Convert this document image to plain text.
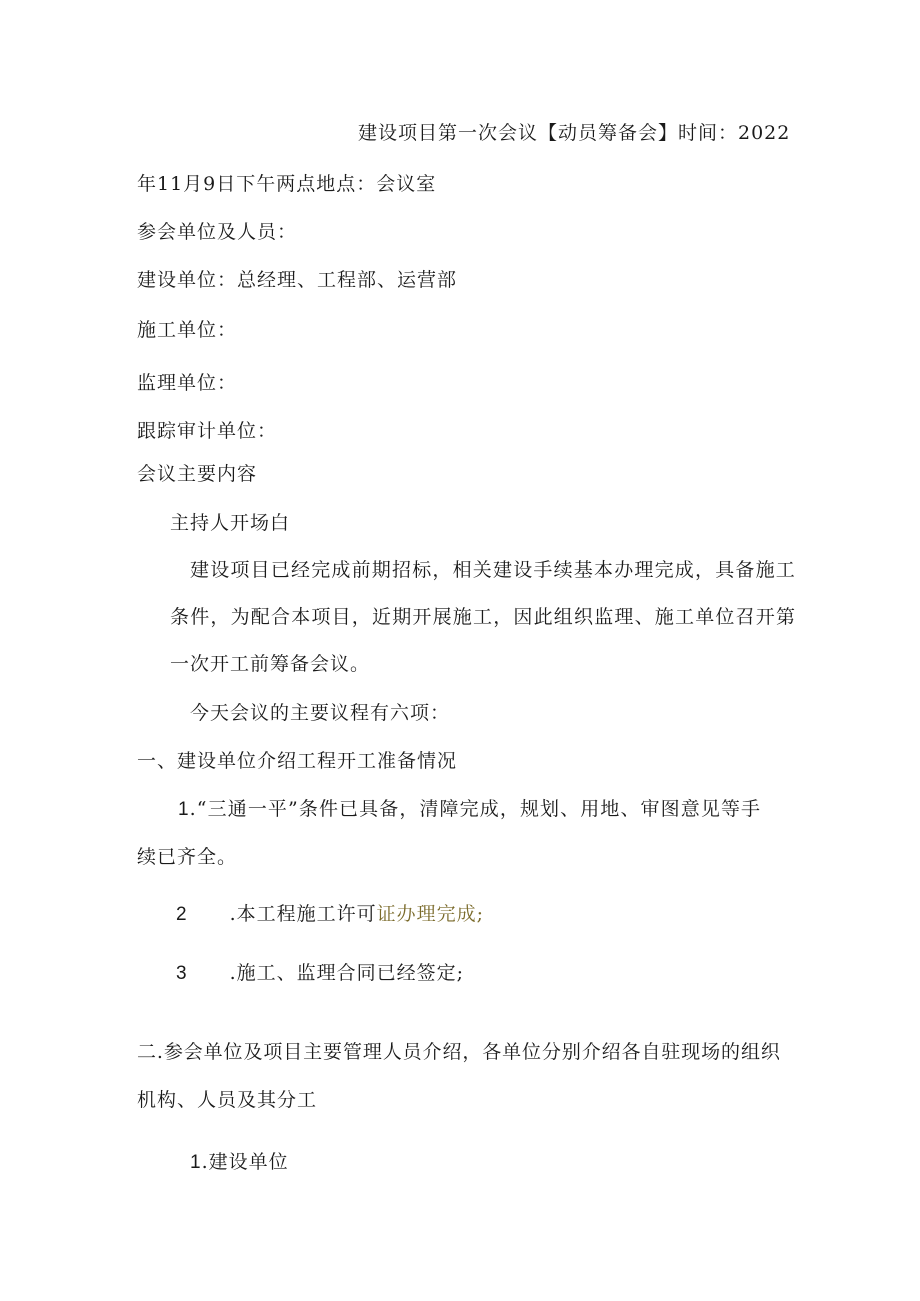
建设项目第一次会议【动员筹备会】时间：2022
年11月9日下午两点地点：会议室
参会单位及人员：
建设单位：总经理、工程部、运营部
施工单位：
监理单位：
跟踪审计单位：
会议主要内容
主持人开场白
建设项目已经完成前期招标，相关建设手续基本办理完成，具备施工
条件，为配合本项目，近期开展施工，因此组织监理、施工单位召开第
一次开工前筹备会议。
今天会议的主要议程有六项：
一、建设单位介绍工程开工准备情况
1.“三通一平”条件已具备，清障完成，规划、用地、审图意见等手
续已齐全。
2 .本工程施工许可证办理完成;
3 .施工、监理合同已经签定;
二.参会单位及项目主要管理人员介绍，各单位分别介绍各自驻现场的组织
机构、人员及其分工
1.建设单位
